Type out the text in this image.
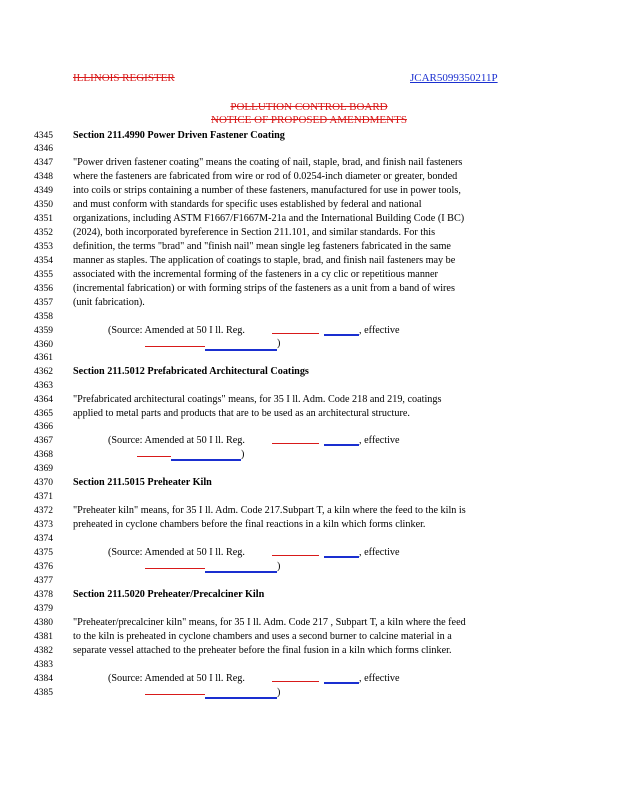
ILLINOIS REGISTER	JCAR5099350211P
POLLUTION CONTROL BOARD
NOTICE OF PROPOSED AMENDMENTS
4345
4346
4347
4348
4349
4350
4351
4352
4353
4354
4355
4356
4357
4358
4359
4360
4361
4362
4363
4364
4365
4366
4367
4368
4369
4370
4371
4372
4373
4374
4375
4376
4377
4378
4379
4380
4381
4382
4383
4384
4385
Section 211.4990 Power Driven Fastener Coating
"Power driven fastener coating" means the coating of nail, staple, brad, and finish nail fasteners
where the fasteners are fabricated from wire or rod of 0.0254-inch diameter or greater, bonded
into coils or strips containing a number of these fasteners, manufactured for use in power tools,
and must conform with standards for specific uses established by federal and national
organizations, including ASTM F1667/F1667M-21a and the International Building Code (I BC)
(2024), both incorporated byreference in Section 211.101, and similar standards. For this
definition, the terms "brad" and "finish nail" mean single leg fasteners fabricated in the same
manner as staples. The application of coatings to staple, brad, and finish nail fasteners may be
associated with the incremental forming of the fasteners in a cy clic or repetitious manner
(incremental fabrication) or with forming strips of the fasteners as a unit from a band of wires
(unit fabrication).
(Source: Amended at 50 I ll. Reg.	, effective
)
Section 211.5012 Prefabricated Architectural Coatings
"Prefabricated architectural coatings" means, for 35 I ll. Adm. Code 218 and 219, coatings
applied to metal parts and products that are to be used as an architectural structure.
(Source: Amended at 50 I ll. Reg.	, effective
)
Section 211.5015 Preheater Kiln
"Preheater kiln" means, for 35 I ll. Adm. Code 217.Subpart T, a kiln where the feed to the kiln is
preheated in cyclone chambers before the final reactions in a kiln which forms clinker.
(Source: Amended at 50 I ll. Reg.	, effective
)
Section 211.5020 Preheater/Precalciner Kiln
"Preheater/precalciner kiln" means, for 35 I ll. Adm. Code 217 , Subpart T, a kiln where the feed
to the kiln is preheated in cyclone chambers and uses a second burner to calcine material in a
separate vessel attached to the preheater before the final fusion in a kiln which forms clinker.
(Source: Amended at 50 I ll. Reg.	, effective
)
